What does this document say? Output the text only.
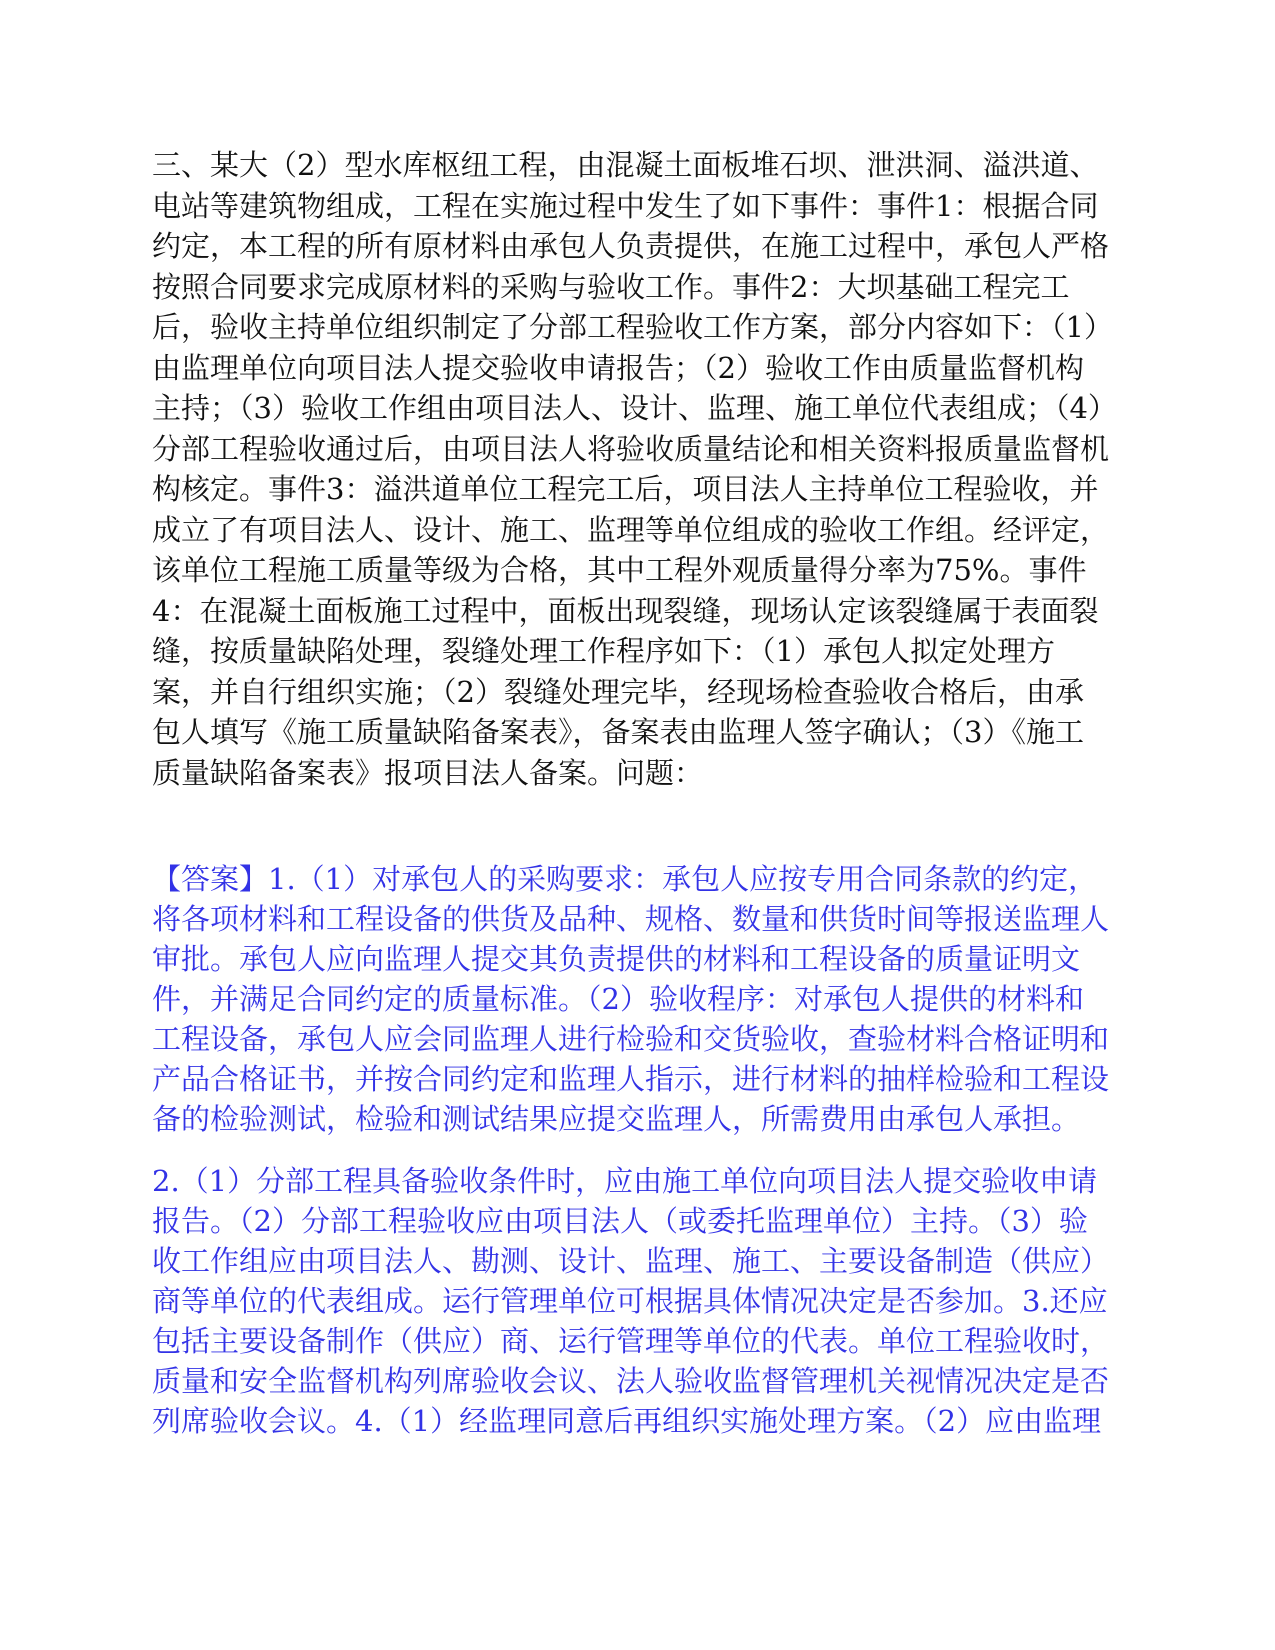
三、某大（2）型水库枢纽工程，由混凝土面板堆石坝、泄洪洞、溢洪道、电站等建筑物组成，工程在实施过程中发生了如下事件：事件1：根据合同约定，本工程的所有原材料由承包人负责提供，在施工过程中，承包人严格按照合同要求完成原材料的采购与验收工作。事件2：大坝基础工程完工后，验收主持单位组织制定了分部工程验收工作方案，部分内容如下：（1）由监理单位向项目法人提交验收申请报告；（2）验收工作由质量监督机构主持；（3）验收工作组由项目法人、设计、监理、施工单位代表组成；（4）分部工程验收通过后，由项目法人将验收质量结论和相关资料报质量监督机构核定。事件3：溢洪道单位工程完工后，项目法人主持单位工程验收，并成立了有项目法人、设计、施工、监理等单位组成的验收工作组。经评定，该单位工程施工质量等级为合格，其中工程外观质量得分率为75%。事件4：在混凝土面板施工过程中，面板出现裂缝，现场认定该裂缝属于表面裂缝，按质量缺陷处理，裂缝处理工作程序如下：（1）承包人拟定处理方案，并自行组织实施；（2）裂缝处理完毕，经现场检查验收合格后，由承包人填写《施工质量缺陷备案表》，备案表由监理人签字确认；（3）《施工质量缺陷备案表》报项目法人备案。问题：

【答案】1.（1）对承包人的采购要求：承包人应按专用合同条款的约定，将各项材料和工程设备的供货及品种、规格、数量和供货时间等报送监理人审批。承包人应向监理人提交其负责提供的材料和工程设备的质量证明文件，并满足合同约定的质量标准。（2）验收程序：对承包人提供的材料和工程设备，承包人应会同监理人进行检验和交货验收，查验材料合格证明和产品合格证书，并按合同约定和监理人指示，进行材料的抽样检验和工程设备的检验测试，检验和测试结果应提交监理人，所需费用由承包人承担。

2.（1）分部工程具备验收条件时，应由施工单位向项目法人提交验收申请报告。（2）分部工程验收应由项目法人（或委托监理单位）主持。（3）验收工作组应由项目法人、勘测、设计、监理、施工、主要设备制造（供应）商等单位的代表组成。运行管理单位可根据具体情况决定是否参加。3.还应包括主要设备制作（供应）商、运行管理等单位的代表。单位工程验收时，质量和安全监督机构列席验收会议、法人验收监督管理机关视情况决定是否列席验收会议。4.（1）经监理同意后再组织实施处理方案。（2）应由监理
